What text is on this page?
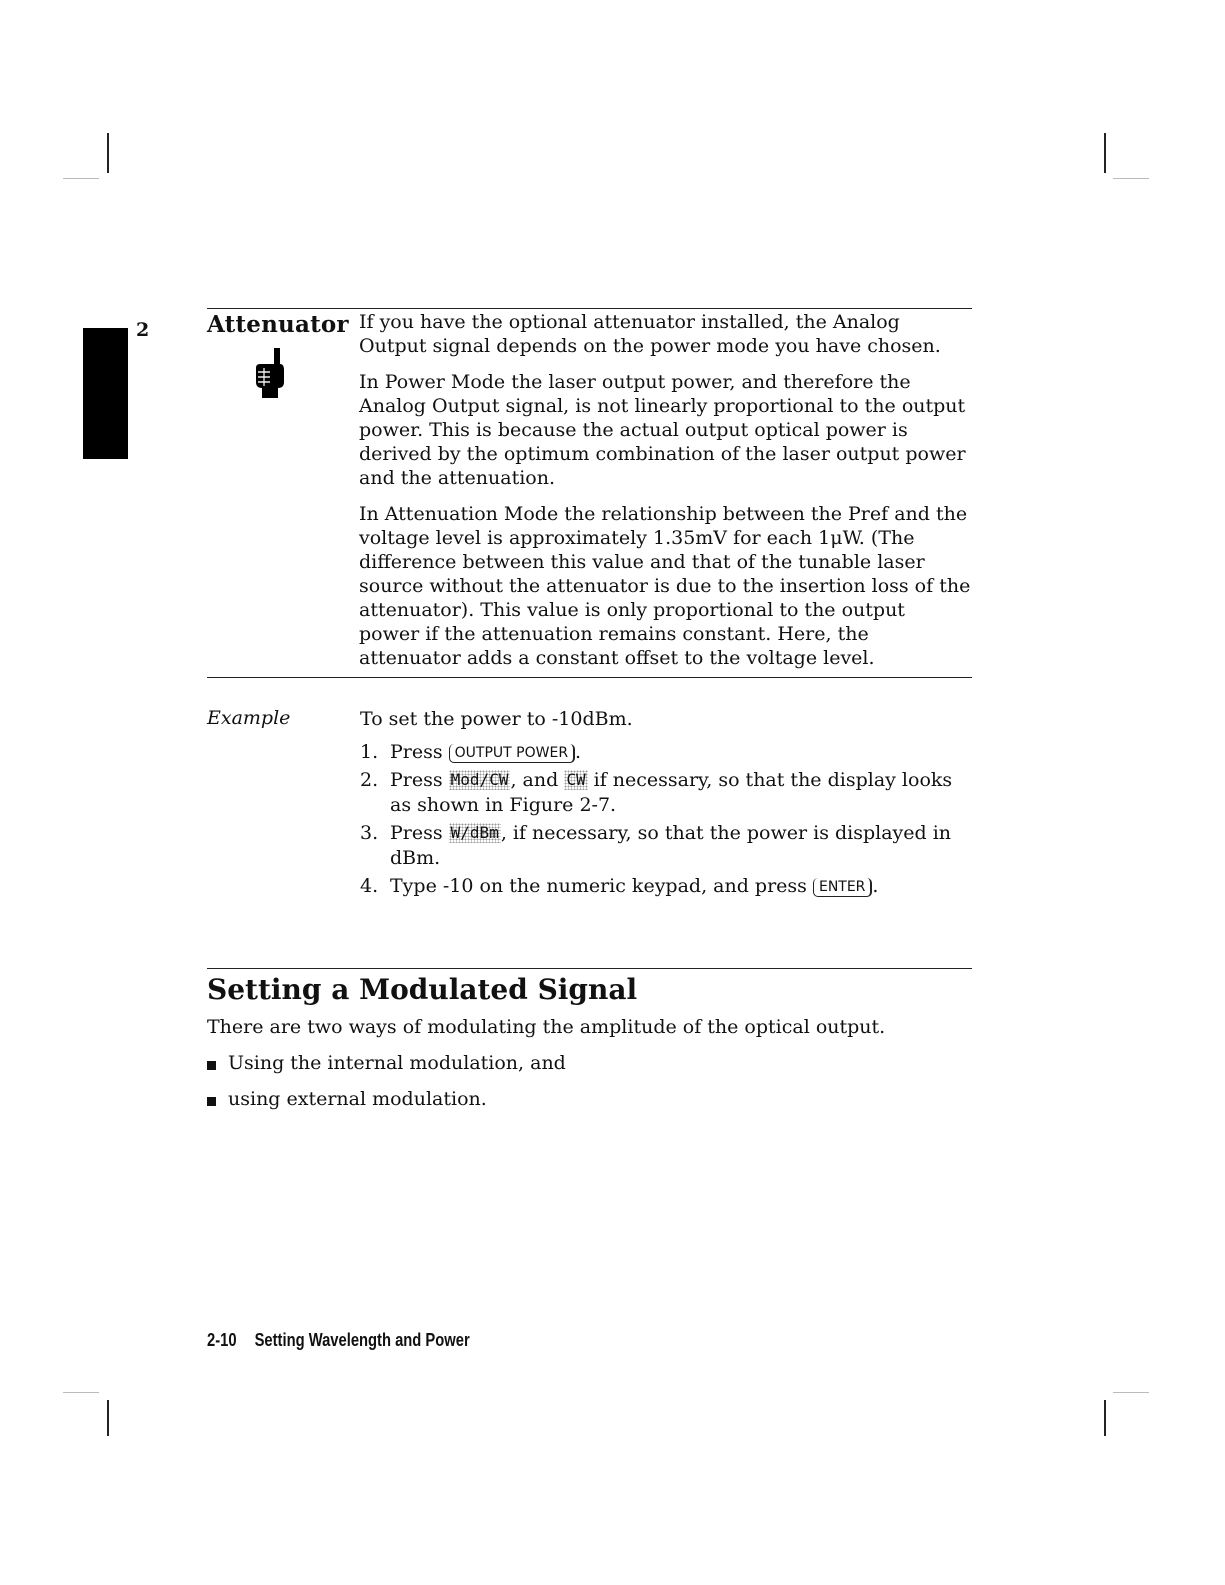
2	Attenuator If you have the optional attenuator installed, the Analog Output signal depends on the power mode you have chosen.

In Power Mode the laser output power, and therefore the Analog Output signal, is not linearly proportional to the output power. This is because the actual output optical power is derived by the optimum combination of the laser output power and the attenuation.

In Attenuation Mode the relationship between the Pref and the voltage level is approximately 1.35mV for each 1μW. (The difference between this value and that of the tunable laser source without the attenuator is due to the insertion loss of the attenuator). This value is only proportional to the output power if the attenuation remains constant. Here, the attenuator adds a constant offset to the voltage level.

Example	To set the power to -10dBm.
1. Press OUTPUT POWER .
2. Press Mod/CW , and CW if necessary, so that the display looks as shown in Figure 2-7.
3. Press W/dBm , if necessary, so that the power is displayed in dBm.
4. Type -10 on the numeric keypad, and press ENTER .
Setting a Modulated Signal
There are two ways of modulating the amplitude of the optical output.
Using the internal modulation, and
using external modulation.
2-10 Setting Wavelength and Power
